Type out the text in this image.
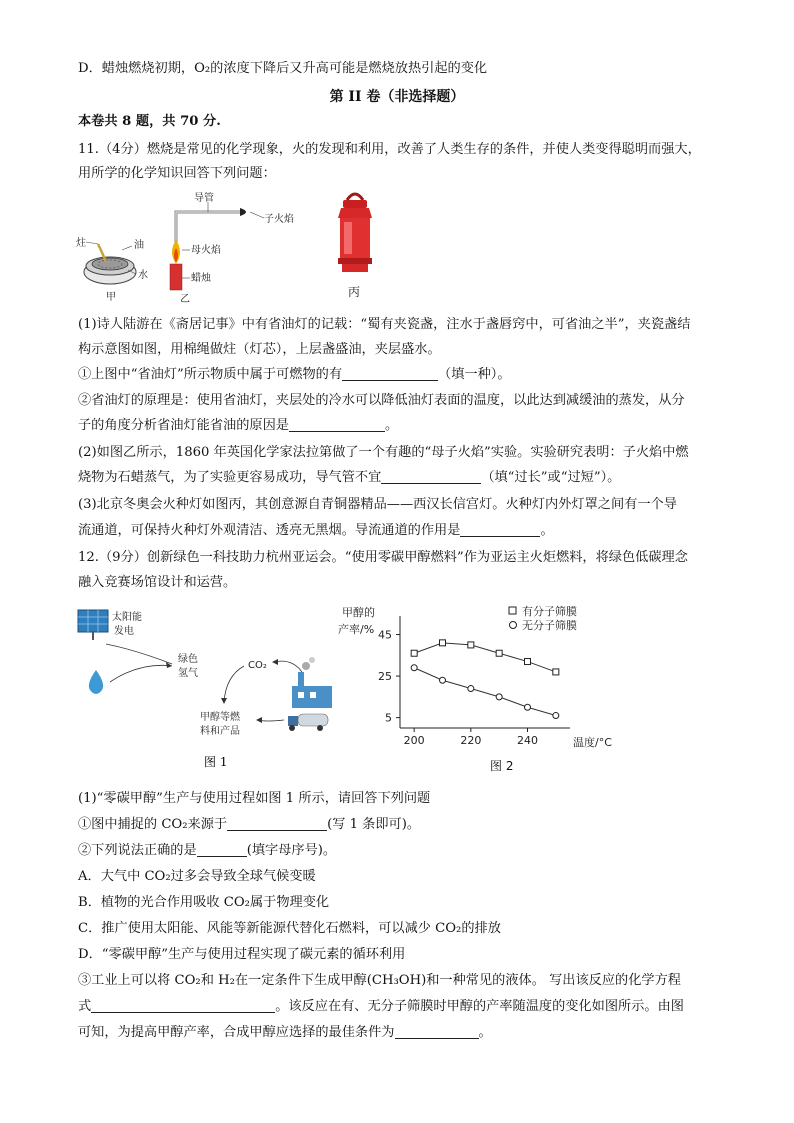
D．蜡烛燃烧初期，O₂的浓度下降后又升高可能是燃烧放热引起的变化
第 II 卷（非选择题）
本卷共 8 题，共 70 分.
11.（4分）燃烧是常见的化学现象，火的发现和利用，改善了人类生存的条件，并使人类变得聪明而强大，
用所学的化学知识回答下列问题：
炷	油
水
甲
导管
子火焰
母火焰
蜡烛
乙
丙
(1)诗人陆游在《斋居记事》中有省油灯的记载：“蜀有夹瓷盏，注水于盏唇窍中，可省油之半”，夹瓷盏结
构示意图如图，用棉绳做炷（灯芯），上层盏盛油，夹层盛水。
①上图中“省油灯”所示物质中属于可燃物的有	（填一种）。
②省油灯的原理是：使用省油灯，夹层处的冷水可以降低油灯表面的温度，以此达到减缓油的蒸发，从分
子的角度分析省油灯能省油的原因是	。
(2)如图乙所示，1860 年英国化学家法拉第做了一个有趣的“母子火焰”实验。实验研究表明：子火焰中燃
烧物为石蜡蒸气，为了实验更容易成功，导气管不宜	（填“过长”或“过短”）。
(3)北京冬奥会火种灯如图丙，其创意源自青铜器精品——西汉长信宫灯。火种灯内外灯罩之间有一个导
流通道，可保持火种灯外观清洁、透亮无黑烟。导流通道的作用是	。
12.（9分）创新绿色一科技助力杭州亚运会。“使用零碳甲醇燃料”作为亚运主火炬燃料，将绿色低碳理念
融入竞赛场馆设计和运营。
太阳能
发电
绿色
氢气
CO₂
甲醇等燃
料和产品
图 1
甲醇的
产率/%
温度/°C
图 2
200	220	240
5
25
45
有分子筛膜
无分子筛膜
(1)“零碳甲醇”生产与使用过程如图 1 所示，请回答下列问题
①图中捕捉的 CO₂来源于	(写 1 条即可)。
②下列说法正确的是	(填字母序号)。
A．大气中 CO₂过多会导致全球气候变暖
B．植物的光合作用吸收 CO₂属于物理变化
C．推广使用太阳能、风能等新能源代替化石燃料，可以减少 CO₂的排放
D．“零碳甲醇”生产与使用过程实现了碳元素的循环利用
③工业上可以将 CO₂和 H₂在一定条件下生成甲醇(CH₃OH)和一种常见的液体。 写出该反应的化学方程
式	。该反应在有、无分子筛膜时甲醇的产率随温度的变化如图所示。由图
可知，为提高甲醇产率，合成甲醇应选择的最佳条件为	。
